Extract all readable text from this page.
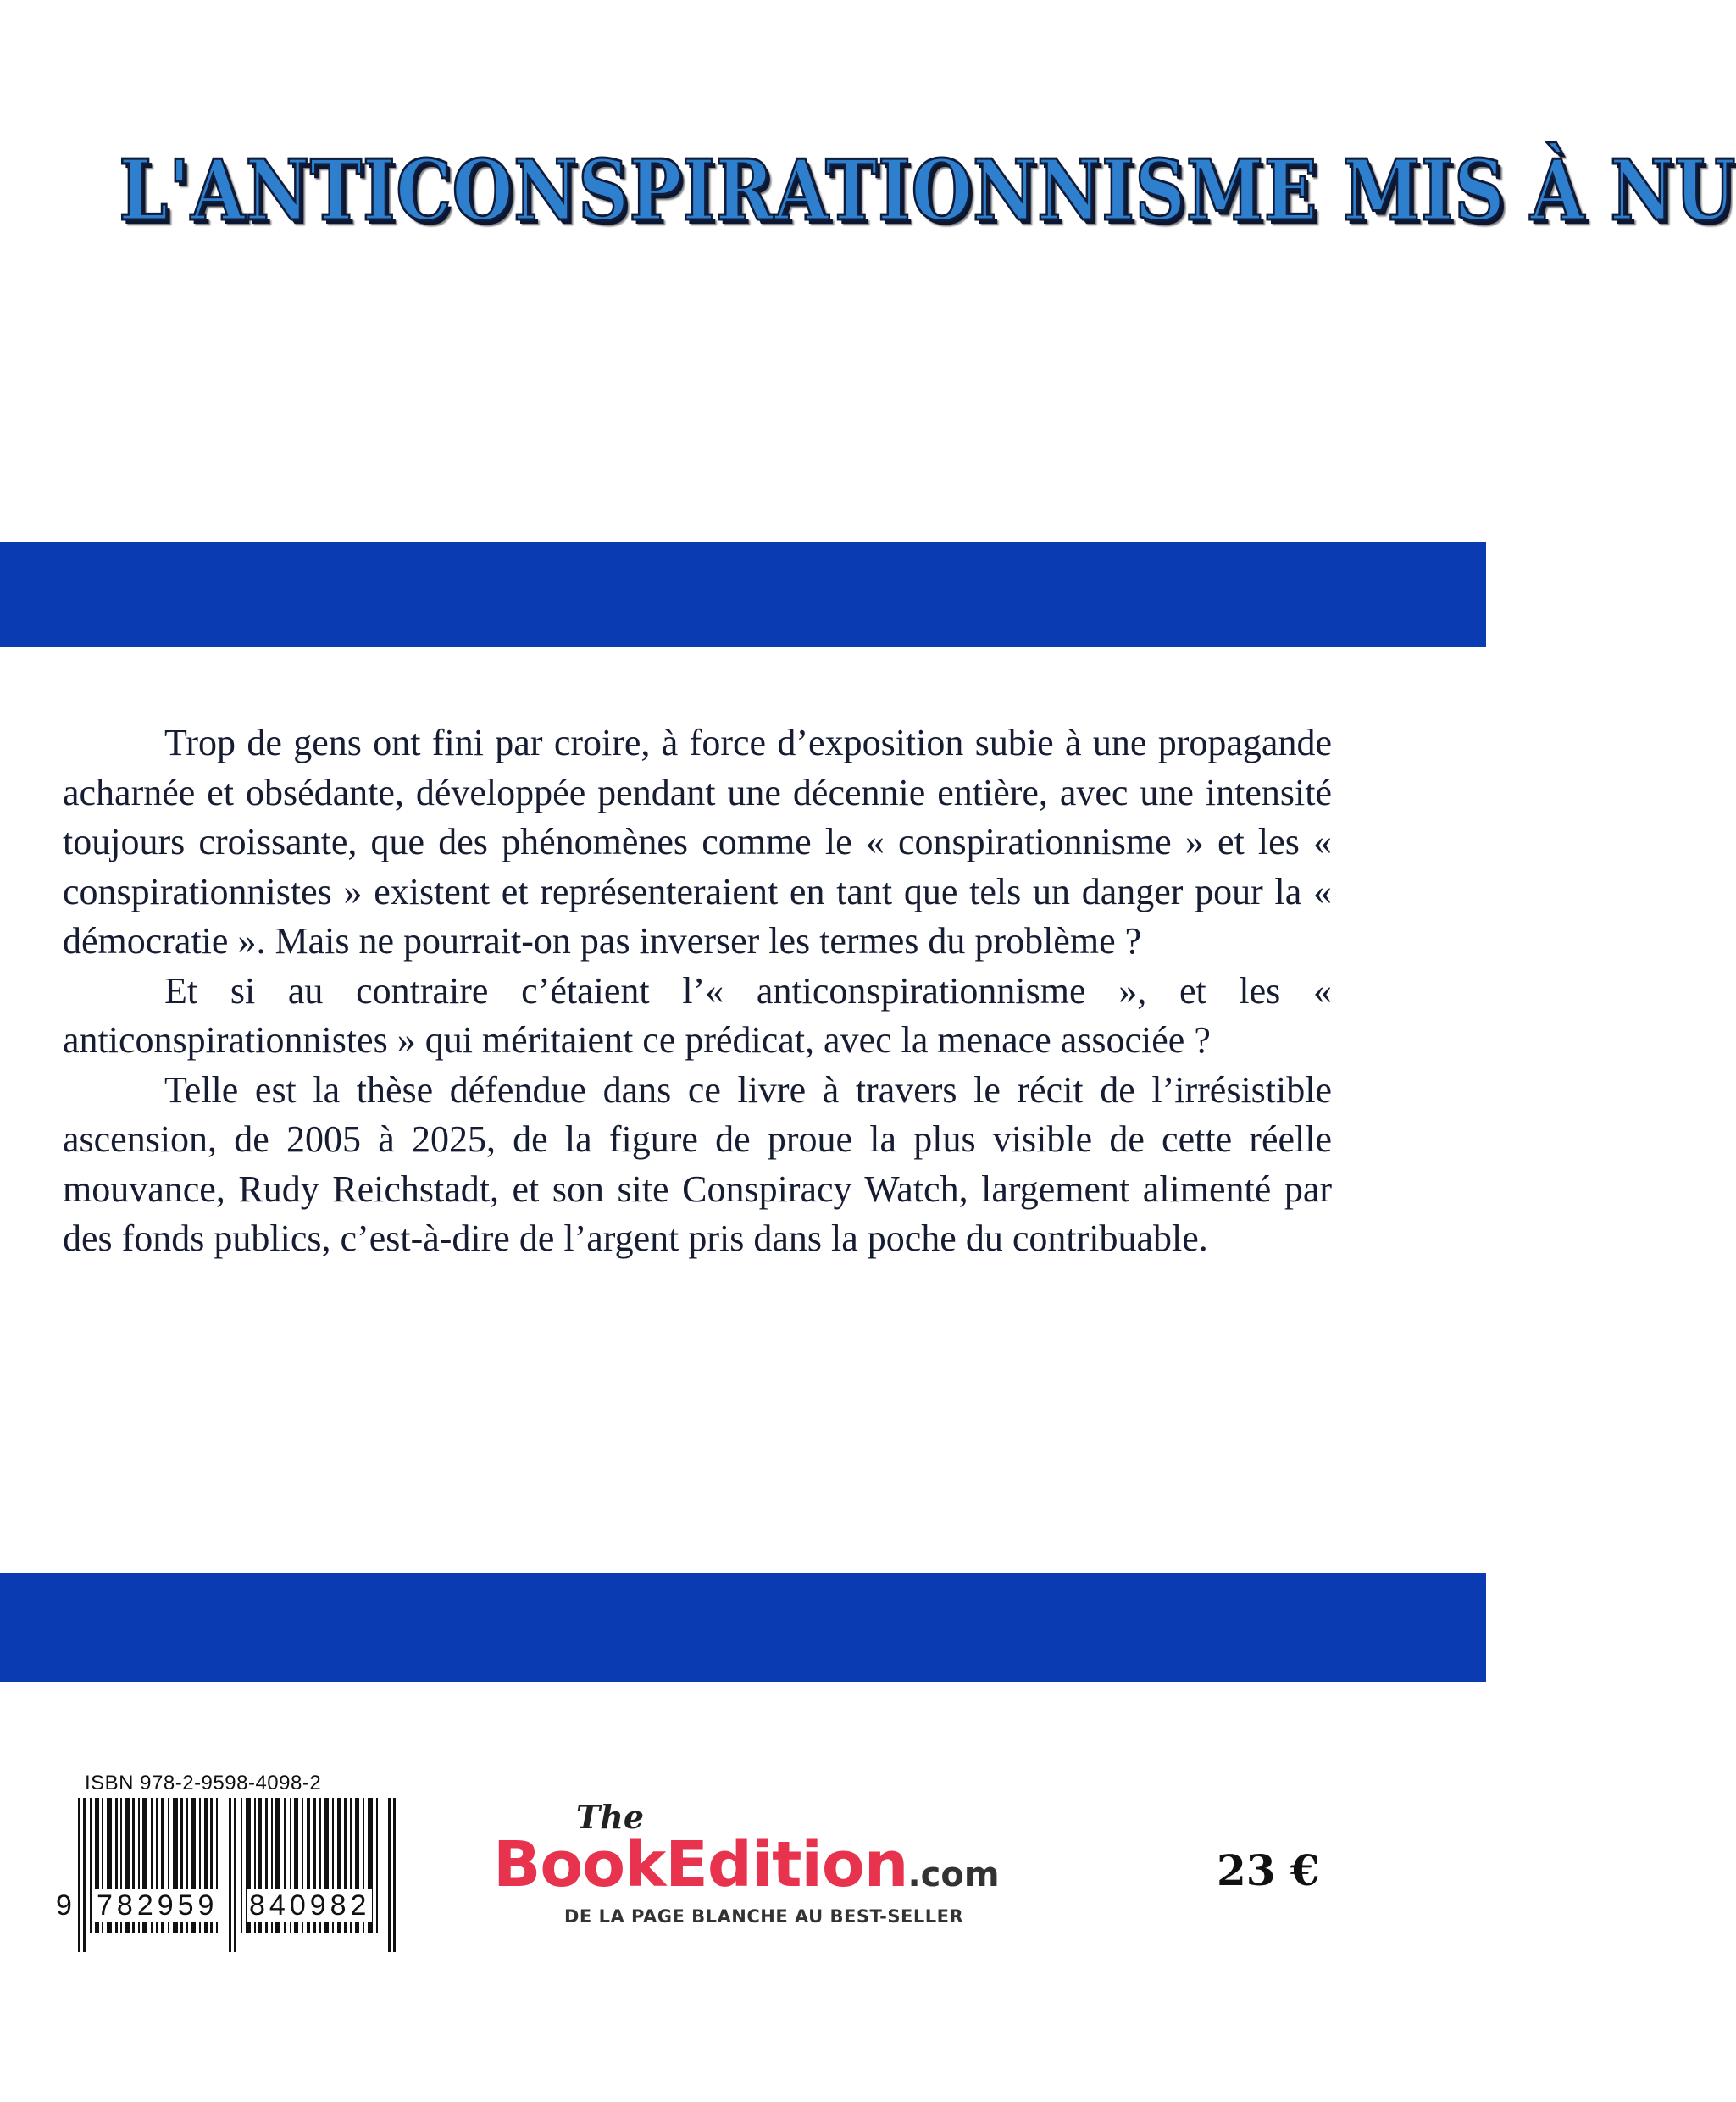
L'ANTICONSPIRATIONNISME MIS À NU

Trop de gens ont fini par croire, à force d’exposition subie à une propagande acharnée et obsédante, développée pendant une décennie entière, avec une intensité toujours croissante, que des phénomènes comme le « conspirationnisme » et les « conspirationnistes » existent et représenteraient en tant que tels un danger pour la « démocratie ». Mais ne pourrait-on pas inverser les termes du problème ?

Et si au contraire c’étaient l’« anticonspirationnisme », et les « anticonspirationnistes » qui méritaient ce prédicat, avec la menace associée ?

Telle est la thèse défendue dans ce livre à travers le récit de l’irrésistible ascension, de 2005 à 2025, de la figure de proue la plus visible de cette réelle mouvance, Rudy Reichstadt, et son site Conspiracy Watch, largement alimenté par des fonds publics, c’est-à-dire de l’argent pris dans la poche du contribuable.

ISBN 978-2-9598-4098-2
9 782959 840982
The
BookEdition.com
DE LA PAGE BLANCHE AU BEST-SELLER
23 €
